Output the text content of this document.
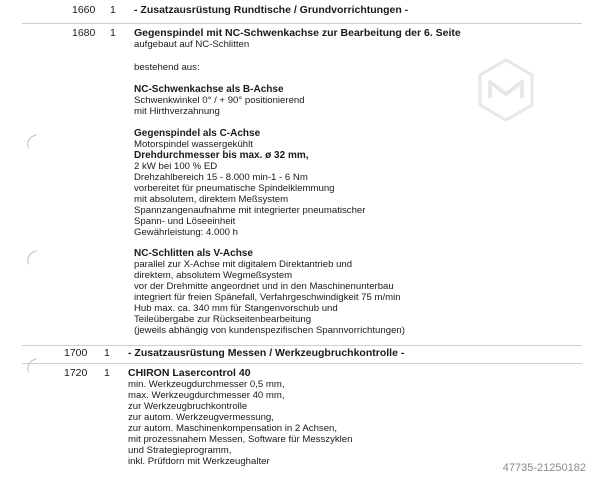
1660 1 - Zusatzausrüstung Rundtische / Grundvorrichtungen -
1680 1 Gegenspindel mit NC-Schwenkachse zur Bearbeitung der 6. Seite
aufgebaut auf NC-Schlitten
bestehend aus:
NC-Schwenkachse als B-Achse
Schwenkwinkel 0° / + 90° positionierend
mit Hirthverzahnung
Gegenspindel als C-Achse
Motorspindel wassergekühlt
Drehdurchmesser bis max. ø 32 mm,
2 kW bei 100 % ED
Drehzahlbereich 15 - 8.000 min-1 - 6 Nm
vorbereitet für pneumatische Spindelklemmung
mit absolutem, direktem Meßsystem
Spannzangenaufnahme mit integrierter pneumatischer
Spann- und Löseeinheit
Gewährleistung: 4.000 h
NC-Schlitten als V-Achse
parallel zur X-Achse mit digitalem Direktantrieb und
direktem, absolutem Wegmeßsystem
vor der Drehmitte angeordnet und in den Maschinenunterbau
integriert für freien Spänefall, Verfahrgeschwindigkeit 75 m/min
Hub max. ca. 340 mm für Stangenvorschub und
Teileübergabe zur Rückseitenbearbeitung
(jeweils abhängig von kundenspezifischen Spannvorrichtungen)
1700 1 - Zusatzausrüstung Messen / Werkzeugbruchkontrolle -
1720 1 CHIRON Lasercontrol 40
min. Werkzeugdurchmesser 0,5 mm,
max. Werkzeugdurchmesser 40 mm,
zur Werkzeugbruchkontrolle
zur autom. Werkzeugvermessung,
zur autom. Maschinenkompensation in 2 Achsen,
mit prozessnahem Messen, Software für Messzyklen
und Strategieprogramm,
inkl. Prüfdorn mit Werkzeughalter
47735-21250182
